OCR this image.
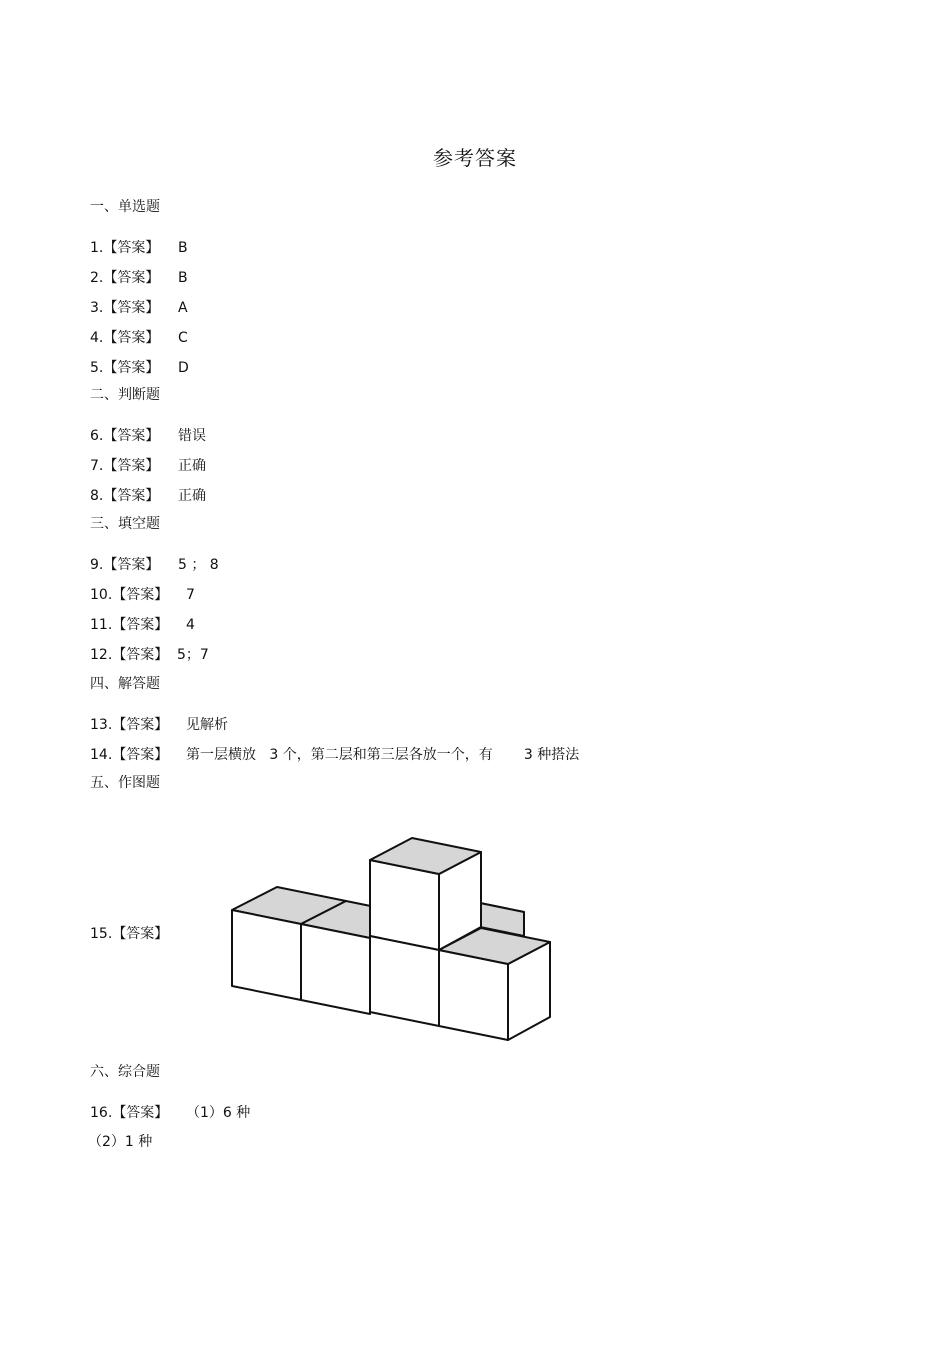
参考答案
一、单选题
二、判断题
三、填空题
四、解答题
五、作图题
六、综合题
1.【答案】 B
2.【答案】 B
3.【答案】 A
4.【答案】 C
5.【答案】 D
6.【答案】 错误
7.【答案】 正确
8.【答案】 正确
9.【答案】 5 ； 8
10.【答案】 7
11.【答案】 4
12.【答案】 5；7
13.【答案】 见解析
14.【答案】 第一层横放   3 个，第二层和第三层各放一个，有       3 种搭法
15.【答案】
16.【答案】 （1）6 种
（2）1 种
